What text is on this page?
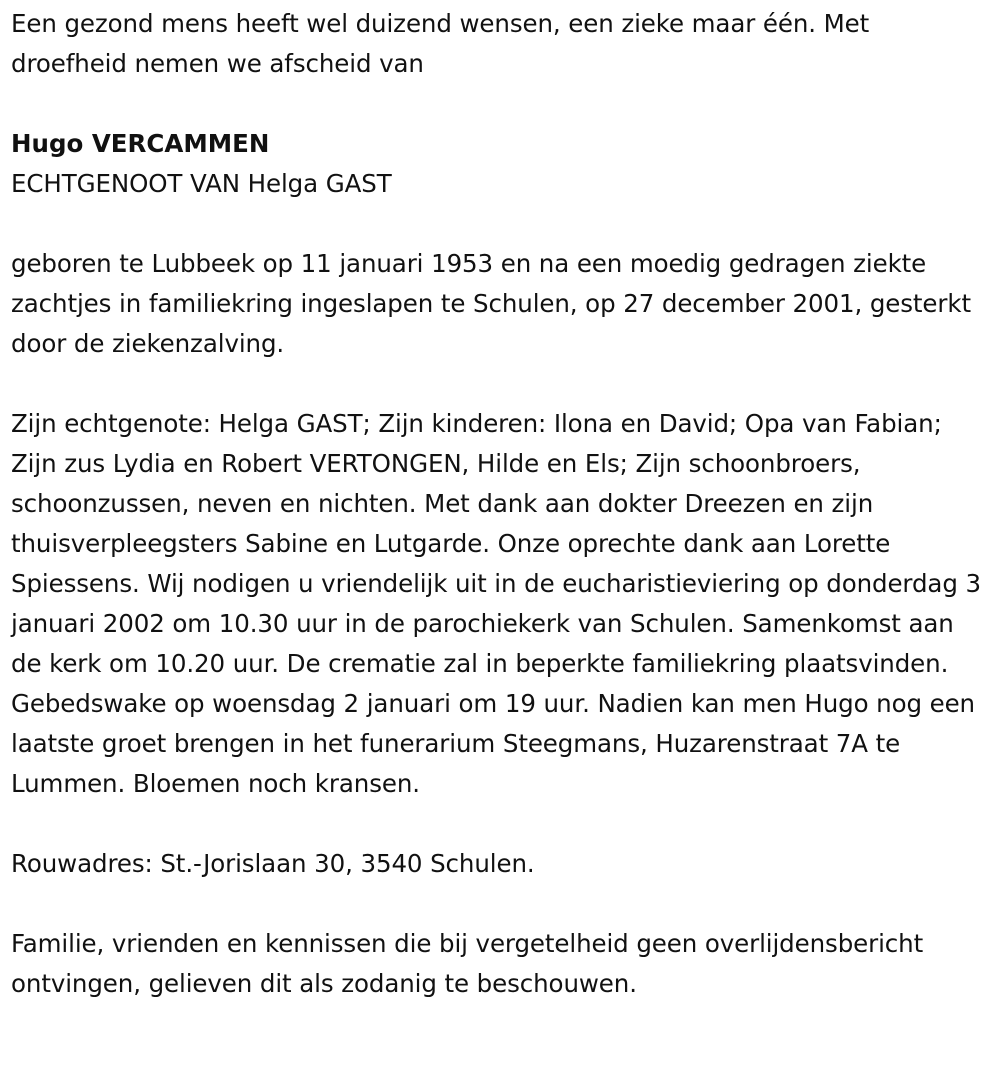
Een gezond mens heeft wel duizend wensen, een zieke maar één. Met droefheid nemen we afscheid van

Hugo VERCAMMEN

ECHTGENOOT VAN Helga GAST

geboren te Lubbeek op 11 januari 1953 en na een moedig gedragen ziekte zachtjes in familiekring ingeslapen te Schulen, op 27 december 2001, gesterkt door de ziekenzalving.

Zijn echtgenote: Helga GAST; Zijn kinderen: Ilona en David; Opa van Fabian; Zijn zus Lydia en Robert VERTONGEN, Hilde en Els; Zijn schoonbroers, schoonzussen, neven en nichten. Met dank aan dokter Dreezen en zijn thuisverpleegsters Sabine en Lutgarde. Onze oprechte dank aan Lorette Spiessens. Wij nodigen u vriendelijk uit in de eucharistieviering op donderdag 3 januari 2002 om 10.30 uur in de parochiekerk van Schulen. Samenkomst aan de kerk om 10.20 uur. De crematie zal in beperkte familiekring plaatsvinden. Gebedswake op woensdag 2 januari om 19 uur. Nadien kan men Hugo nog een laatste groet brengen in het funerarium Steegmans, Huzarenstraat 7A te Lummen. Bloemen noch kransen.

Rouwadres: St.-Jorislaan 30, 3540 Schulen.

Familie, vrienden en kennissen die bij vergetelheid geen overlijdensbericht ontvingen, gelieven dit als zodanig te beschouwen.
